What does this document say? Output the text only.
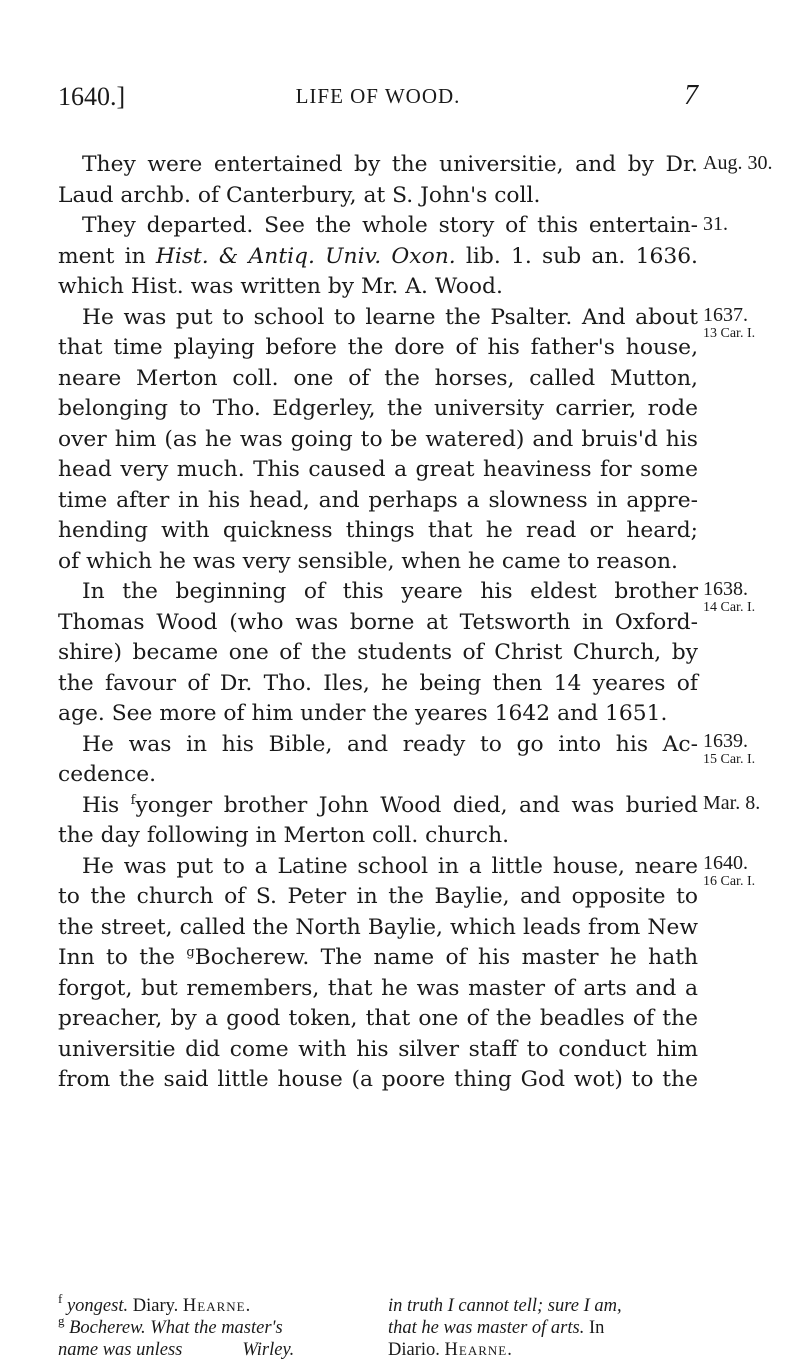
1640.]	LIFE OF WOOD.	7
They were entertained by the universitie, and by Dr.
Laud archb. of Canterbury, at S. John's coll.
They departed. See the whole story of this entertain-
ment in Hist. & Antiq. Univ. Oxon. lib. 1. sub an. 1636.
which Hist. was written by Mr. A. Wood.
He was put to school to learne the Psalter. And about
that time playing before the dore of his father's house,
neare Merton coll. one of the horses, called Mutton,
belonging to Tho. Edgerley, the university carrier, rode
over him (as he was going to be watered) and bruis'd his
head very much. This caused a great heaviness for some
time after in his head, and perhaps a slowness in appre-
hending with quickness things that he read or heard;
of which he was very sensible, when he came to reason.
In the beginning of this yeare his eldest brother
Thomas Wood (who was borne at Tetsworth in Oxford-
shire) became one of the students of Christ Church, by
the favour of Dr. Tho. Iles, he being then 14 yeares of
age. See more of him under the yeares 1642 and 1651.
He was in his Bible, and ready to go into his Ac-
cedence.
His $^f$yonger brother John Wood died, and was buried
the day following in Merton coll. church.
He was put to a Latine school in a little house, neare
to the church of S. Peter in the Baylie, and opposite to
the street, called the North Baylie, which leads from New
Inn to the $^g$Bocherew. The name of his master he hath
forgot, but remembers, that he was master of arts and a
preacher, by a good token, that one of the beadles of the
universitie did come with his silver staff to conduct him
from the said little house (a poore thing God wot) to the
Aug. 30.
31.
1637.
13 Car. I.
1638.
14 Car. I.
1639.
15 Car. I.
Mar. 8.
1640.
16 Car. I.
$^f$ yongest. Diary. Hearne.
$^g$ Bocherew. What the master's
name was unless	Wirley.
in truth I cannot tell; sure I am,
that he was master of arts. In
Diario. Hearne.
